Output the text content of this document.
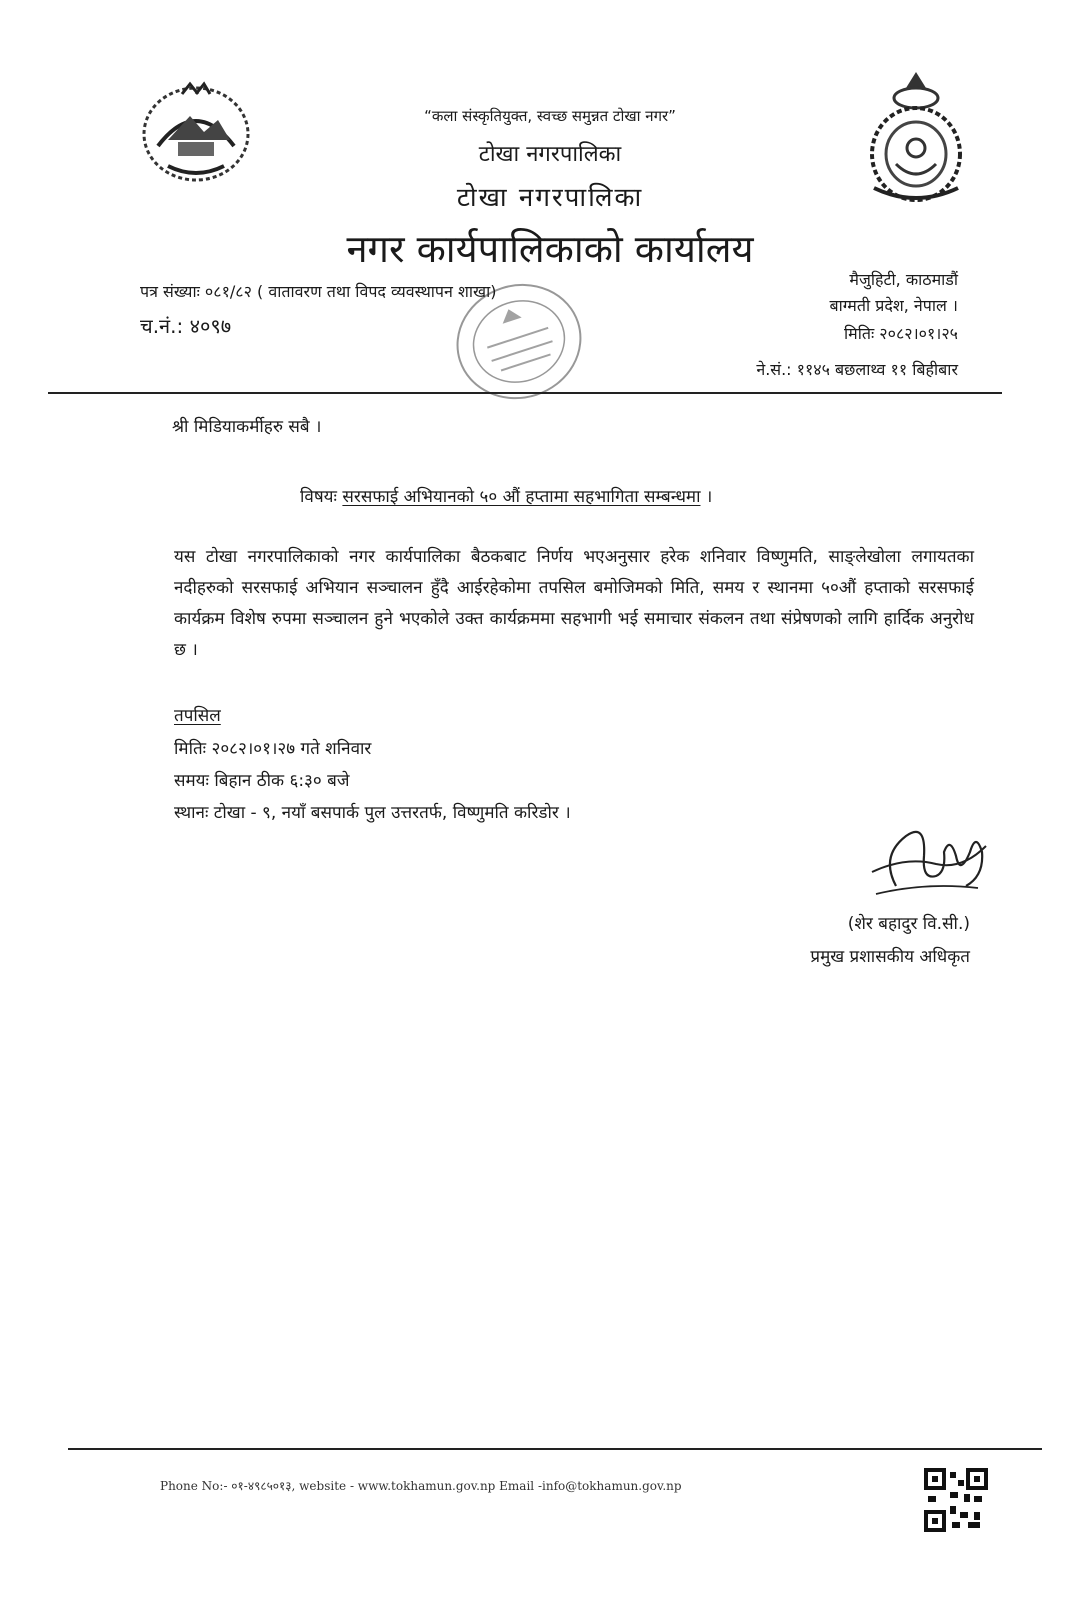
“कला संस्कृतियुक्त, स्वच्छ समुन्नत टोखा नगर”
टोखा नगरपालिका
टोखा नगरपालिका
नगर कार्यपालिकाको कार्यालय
पत्र संख्याः ०८१/८२ ( वातावरण तथा विपद व्यवस्थापन शाखा)
च.नं.: ४०९७
मैजुहिटी, काठमाडौं
बाग्मती प्रदेश, नेपाल ।
मितिः २०८२।०१।२५
ने.सं.: ११४५ बछलाथ्व ११ बिहीबार
श्री मिडियाकर्मीहरु सबै ।
विषयः सरसफाई अभियानको ५० औं हप्तामा सहभागिता सम्बन्धमा ।
यस टोखा नगरपालिकाको नगर कार्यपालिका बैठकबाट निर्णय भएअनुसार हरेक शनिवार विष्णुमति, साङ्लेखोला लगायतका नदीहरुको सरसफाई अभियान सञ्चालन हुँदै आईरहेकोमा तपसिल बमोजिमको मिति, समय र स्थानमा ५०औं हप्ताको सरसफाई कार्यक्रम विशेष रुपमा सञ्चालन हुने भएकोले उक्त कार्यक्रममा सहभागी भई समाचार संकलन तथा संप्रेषणको लागि हार्दिक अनुरोध छ ।
तपसिल
मितिः २०८२।०१।२७ गते शनिवार
समयः बिहान ठीक ६:३० बजे
स्थानः टोखा - ९, नयाँ बसपार्क पुल उत्तरतर्फ, विष्णुमति करिडोर ।
(शेर बहादुर वि.सी.)
प्रमुख प्रशासकीय अधिकृत
Phone No:- ०१-४९८५०१३, website - www.tokhamun.gov.np Email -info@tokhamun.gov.np
